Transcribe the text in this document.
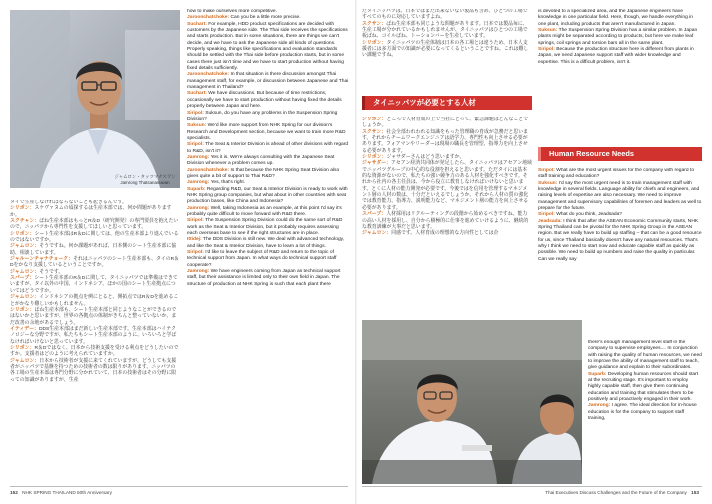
ジャムロン・タッツマナスワン
Jamrong Thatsanasuwan

タイで生産しなければならないことも起きるんです。

シリポン：スケヴァヌムの頃探するは生産本部では、何か問題がありますか。

スクチャン：ばね生産本部はもっとR＆D（研究開発）の専門要員を抱えたいので、ニッパツから専門性を支援してほしいと思っています。

シリポン：シート生産本部はR＆Dに関しては、他の生産本部より進んでいるのではないですか。

ジャムロン：そうですね。何か課題があれば、日本側のシート生産本部に協助、相談しています。

ジャルーンチャナチョーク：それはニッパツのシート生産本部も、タイのR＆Dをかなり支援しているということですか。

ジャムロン：そうです。

スパープ：シート生産本部のR＆Dに関して、タイニッパツでは準備はできていますが、タイ以外の中国、インドネシア、ほかの国のシート生産拠点についてはどうですか。

ジャムロン：インドネシアの拠点を例にとると、開拓点ではR＆Dを進めることがかなり難しいかもしれません。

シリポン：ばね生産本部も、シート生産本部と同じようなことができるのではないかと思いますが、世界の各拠点の体制がきちんと整っていないか、まだ改善の余地があるでしょう。

イティデー：DDS生産本部はまだ新しい生産本部です。生産本部はハイテクノロジーな分野ですが、私たちもシート生産本部のように、いろいろと学ばなければいけないと思っています。

シリポン：R＆Dではなく、日本から技術支援を受ける利点をどうしたいのですか。支援者はどのように考えられていますか。

ジャムロン：日本から技術者が支援に来てくれていますが、どうしても支援者がニッパツで基盤を持つための技術者の数は限りがあります。ニッパツの各工場の生産本部は専門分野に分かれていて、日本の技術者はその分野に限っての知識がありますが、生産

how to make ourselves more competitive.

Jaroonchatchoke: Can you be a little more precise.

Suchart: For example, HDD product specifications are decided with customers by the Japanese side. The Thai side receives the specifications and starts production. But in some situations, there are things we can't decide, and we have to ask the Japanese side all kinds of questions. Properly speaking, things like specifications and evaluation standards should be settled with the Thai side before production starts, but in some cases there just isn't time and we have to start production without having fixed details sufficiently.

Jaroonchatchoke: In that situation is there discussion amongst Thai management staff, for example, or discussion between Japanese and Thai management in Thailand?

Suchart: We have discussions. But because of time restrictions, occasionally we have to start production without having fixed the details properly between Japan and here.

Siripol: Suksun, do you have any problems in the Suspension Spring Division?

Suksun: We'd like more support from NHK Spring for our division's Research and Development section, because we want to train more R&D specialists.

Siripol: The Seat & Interior Division is ahead of other divisions with regard to R&D, isn't it?

Jamrong: Yes it is. We're always consulting with the Japanese Seat Division whenever a problem comes up.

Jaroonchatchoke: Is that because the NHK Spring Seat Division also gives quite a bit of support to Thai R&D?

Jamrong: Yes, that's right.

Suparb: Regarding R&D, our Seat & Interior Division is ready to work with NHK Spring group companies, but what about in other countries with seat production bases, like China and Indonesia?

Jamrong: Well, taking Indonesia as an example, at this point I'd say it's probably quite difficult to move forward with R&D there.

Siripol: The Suspension Spring Division could do the same sort of R&D work as the Seat & Interior Division, but it probably requires assessing each overseas base to see if the right structures are in place.

Ittidej: The DDS Division is still new. We deal with advanced technology, and like the Seat & Interior Division, have to learn a lot of things.

Siripol: I'd like to leave the subject of R&D and return to the topic of technical support from Japan. In what ways do technical support staff cooperate?

Jamrong: We have engineers coming from Japan as technical support staff, but their assistance is limited only to their own field in Japan. The structure of production at NHK Spring is such that each plant there

152 NHK SPRING THAILAND 50th Anniversary

だタイニッパツは、日本ではまだ出来ないない製品も含め、ひとつの工場ですべてのものに対応していますよね。

スクサン：ばね生産本部も同じような問題があります。日本では製品毎に、生産工場が分かれているかもしれませんが、タイニッパツはひとつの工場で板ばね、コイルばね、トーションバーを生産しています。

シリポン：タイニッパツの生産体制は日本の各工場とは違うため、日本人支援者には多方面での知識が必要になってくるということですね。これは難しい課題ですね。

タイニッパツが必要とする人材

シリポン：ところで人材育成の上で当社にとって、緊急課題はどんなことでしょうか。

スクサン：社会全部われわれる知識をもった管理職の育成が急務だと思います。それからチームワークエンジニアは語学力、専門性も向上させる必要があります。フォアマンやリーダーは現場の職長を管理型、指導力を向上させる必要があります。

シリポン：ジャサダーさんはどう思いますか。

ジャサダー：アセアン経済共同体が発足したら、タイニッパツはアセアン地域でニッパツグループの中心的な役割を担えると思います。ただタイには基本的な資源がないので、私たちの強い競争力のある人材を強化すべきです。それから社内の各主任員は、今から役立に教育しなければいけないと思います。とくに人材の能力開発が必要です。今後ではを信用を管理するマネジメント層の人材の数は、十分だといえるでしょうか。それから人材の質の強化では教育能力、指導力、説明能力など、マネジメント層の能力を向上させる必要があります。

スパープ：人材採用はリクルーティングの段階から始めるべきですね。能力の高い人材を採用し、自分から積極的に仕事を進めていけるように、継続的な教育訓練が大事だと思います。

ジャムロン：同感です。人材育成の理想的な方向性としては企

is devoted to a specialized area, and the Japanese engineers have knowledge in one particular field. Here, though, we handle everything in one plant, including products that aren't manufactured in Japan.

Suksun: The Suspension Spring Division has a similar problem. In Japan plants might be separated according to products, but here we make leaf springs, coil springs and torsion bars all in the same plant.

Siripol: Because the production structure here is different from plants in Japan, we need Japanese support staff with wider knowledge and expertise. This is a difficult problem, isn't it.

Human Resource Needs

Siripol: What are the most urgent issues for the company with regard to staff training and education?

Suksun: I'd say the most urgent need is to train management staff with knowledge in several fields. Language ability for chiefs and engineers, and raising levels of expertise are also necessary. We need to improve management and supervisory capabilities of foremen and leaders as well to prepare for the future.

Siripol: What do you think, Jeadsada?

Jeadsada: I think that after the ASEAN Economic Community starts, NHK Spring Thailand can be pivotal for the NHK Spring Group in the ASEAN region. But we really have to build up staffing – that can be a good resource for us, since Thailand basically doesn't have any natural resources. That's why I think we need to start now and educate capable staff as quickly as possible. We need to build up numbers and raise the quality in particular. Can we really say

there's enough management level staff in the company to supervise employees.... In conjunction with raising the quality of human resources, we need to improve the ability of management staff to teach, give guidance and explain to their subordinates.

Suparb: Developing human resources should start at the recruiting stage. It's important to employ highly capable staff, then give them continuing education and training that stimulates them to be positively and proactively engaged in their work.

Jamrong: I agree. The ideal direction for in-house education is for the company to support staff training,

Thai Executives Discuss Challenges and the Future of the Company 153
